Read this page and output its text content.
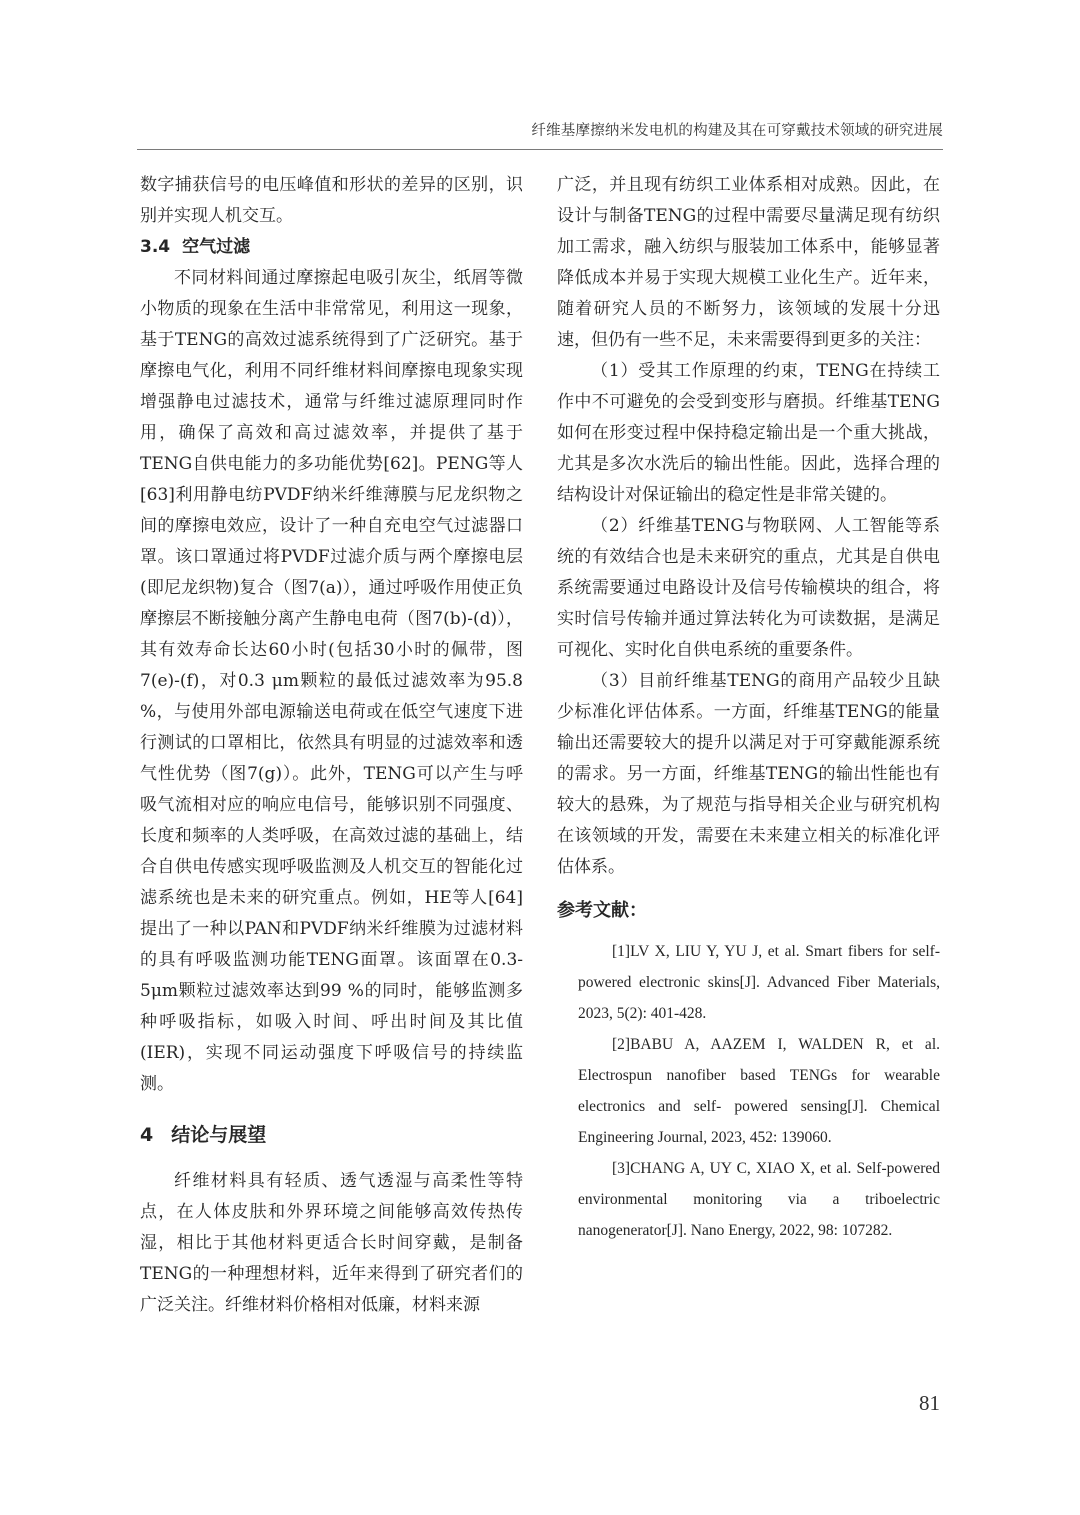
纤维基摩擦纳米发电机的构建及其在可穿戴技术领域的研究进展

数字捕获信号的电压峰值和形状的差异的区别，识别并实现人机交互。

3.4 空气过滤

不同材料间通过摩擦起电吸引灰尘，纸屑等微小物质的现象在生活中非常常见，利用这一现象，基于TENG的高效过滤系统得到了广泛研究。基于摩擦电气化，利用不同纤维材料间摩擦电现象实现增强静电过滤技术，通常与纤维过滤原理同时作用，确保了高效和高过滤效率，并提供了基于TENG自供电能力的多功能优势[62]。PENG等人[63]利用静电纺PVDF纳米纤维薄膜与尼龙织物之间的摩擦电效应，设计了一种自充电空气过滤器口罩。该口罩通过将PVDF过滤介质与两个摩擦电层(即尼龙织物)复合（图7(a)），通过呼吸作用使正负摩擦层不断接触分离产生静电电荷（图7(b)-(d)），其有效寿命长达60小时(包括30小时的佩带，图7(e)-(f)，对0.3 μm颗粒的最低过滤效率为95.8 %，与使用外部电源输送电荷或在低空气速度下进行测试的口罩相比，依然具有明显的过滤效率和透气性优势（图7(g)）。此外，TENG可以产生与呼吸气流相对应的响应电信号，能够识别不同强度、长度和频率的人类呼吸，在高效过滤的基础上，结合自供电传感实现呼吸监测及人机交互的智能化过滤系统也是未来的研究重点。例如，HE等人[64]提出了一种以PAN和PVDF纳米纤维膜为过滤材料的具有呼吸监测功能TENG面罩。该面罩在0.3-5μm颗粒过滤效率达到99 %的同时，能够监测多种呼吸指标，如吸入时间、呼出时间及其比值(IER)，实现不同运动强度下呼吸信号的持续监测。

4 结论与展望

纤维材料具有轻质、透气透湿与高柔性等特点，在人体皮肤和外界环境之间能够高效传热传湿，相比于其他材料更适合长时间穿戴，是制备TENG的一种理想材料，近年来得到了研究者们的广泛关注。纤维材料价格相对低廉，材料来源

广泛，并且现有纺织工业体系相对成熟。因此，在设计与制备TENG的过程中需要尽量满足现有纺织加工需求，融入纺织与服装加工体系中，能够显著降低成本并易于实现大规模工业化生产。近年来，随着研究人员的不断努力，该领域的发展十分迅速，但仍有一些不足，未来需要得到更多的关注：

（1）受其工作原理的约束，TENG在持续工作中不可避免的会受到变形与磨损。纤维基TENG如何在形变过程中保持稳定输出是一个重大挑战，尤其是多次水洗后的输出性能。因此，选择合理的结构设计对保证输出的稳定性是非常关键的。

（2）纤维基TENG与物联网、人工智能等系统的有效结合也是未来研究的重点，尤其是自供电系统需要通过电路设计及信号传输模块的组合，将实时信号传输并通过算法转化为可读数据，是满足可视化、实时化自供电系统的重要条件。

（3）目前纤维基TENG的商用产品较少且缺少标准化评估体系。一方面，纤维基TENG的能量输出还需要较大的提升以满足对于可穿戴能源系统的需求。另一方面，纤维基TENG的输出性能也有较大的悬殊，为了规范与指导相关企业与研究机构在该领域的开发，需要在未来建立相关的标准化评估体系。

参考文献：

[1]LV X, LIU Y, YU J, et al. Smart fibers for self-powered electronic skins[J]. Advanced Fiber Materials, 2023, 5(2): 401-428.

[2]BABU A, AAZEM I, WALDEN R, et al. Electrospun nanofiber based TENGs for wearable electronics and self- powered sensing[J]. Chemical Engineering Journal, 2023, 452: 139060.

[3]CHANG A, UY C, XIAO X, et al. Self-powered environmental monitoring via a triboelectric nanogenerator[J]. Nano Energy, 2022, 98: 107282.

81
